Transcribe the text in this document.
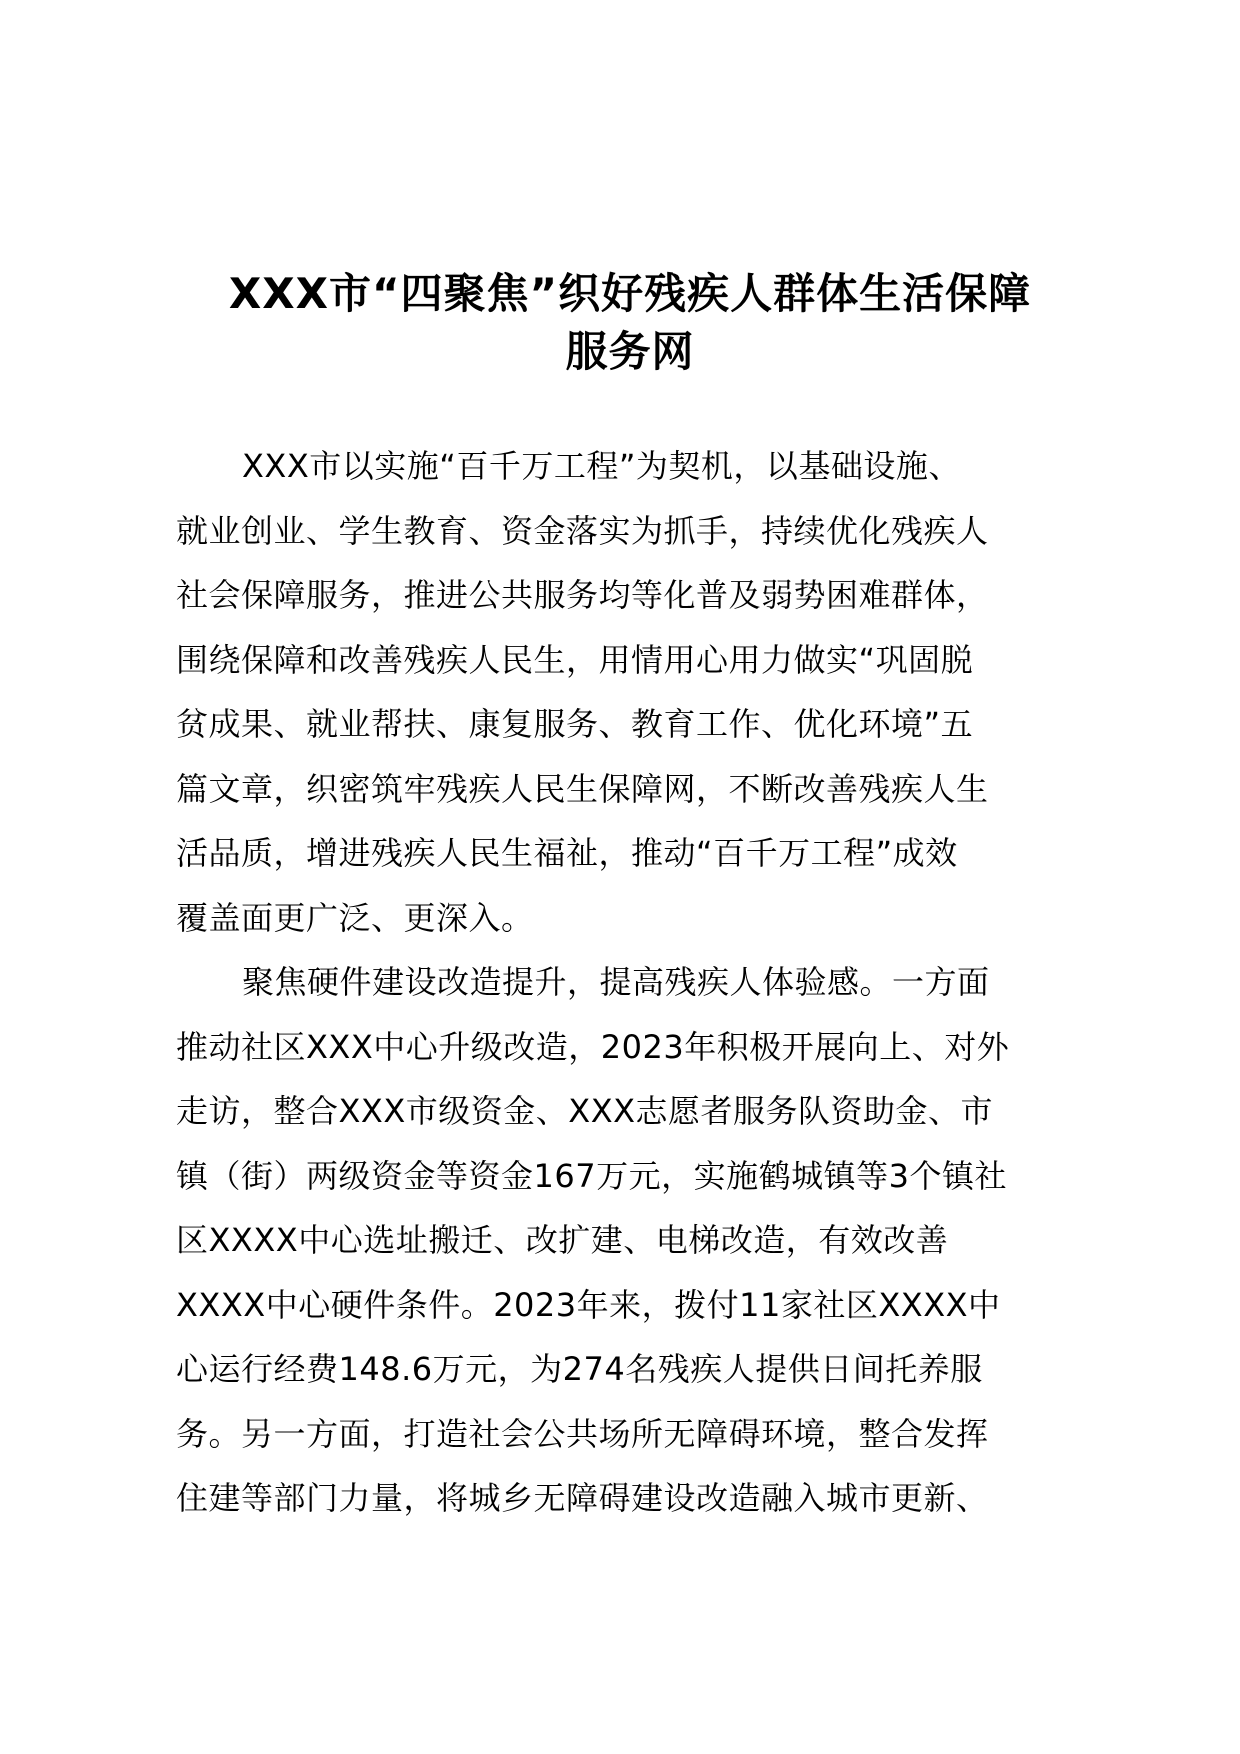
XXX市“四聚焦”织好残疾人群体生活保障
服务网

XXX市以实施“百千万工程”为契机，以基础设施、
就业创业、学生教育、资金落实为抓手，持续优化残疾人
社会保障服务，推进公共服务均等化普及弱势困难群体，
围绕保障和改善残疾人民生，用情用心用力做实“巩固脱
贫成果、就业帮扶、康复服务、教育工作、优化环境”五
篇文章，织密筑牢残疾人民生保障网，不断改善残疾人生
活品质，增进残疾人民生福祉，推动“百千万工程”成效
覆盖面更广泛、更深入。

聚焦硬件建设改造提升，提高残疾人体验感。一方面
推动社区XXX中心升级改造，2023年积极开展向上、对外
走访，整合XXX市级资金、XXX志愿者服务队资助金、市
镇（街）两级资金等资金167万元，实施鹤城镇等3个镇社
区XXXX中心选址搬迁、改扩建、电梯改造，有效改善
XXXX中心硬件条件。2023年来，拨付11家社区XXXX中
心运行经费148.6万元，为274名残疾人提供日间托养服
务。另一方面，打造社会公共场所无障碍环境，整合发挥
住建等部门力量，将城乡无障碍建设改造融入城市更新、
